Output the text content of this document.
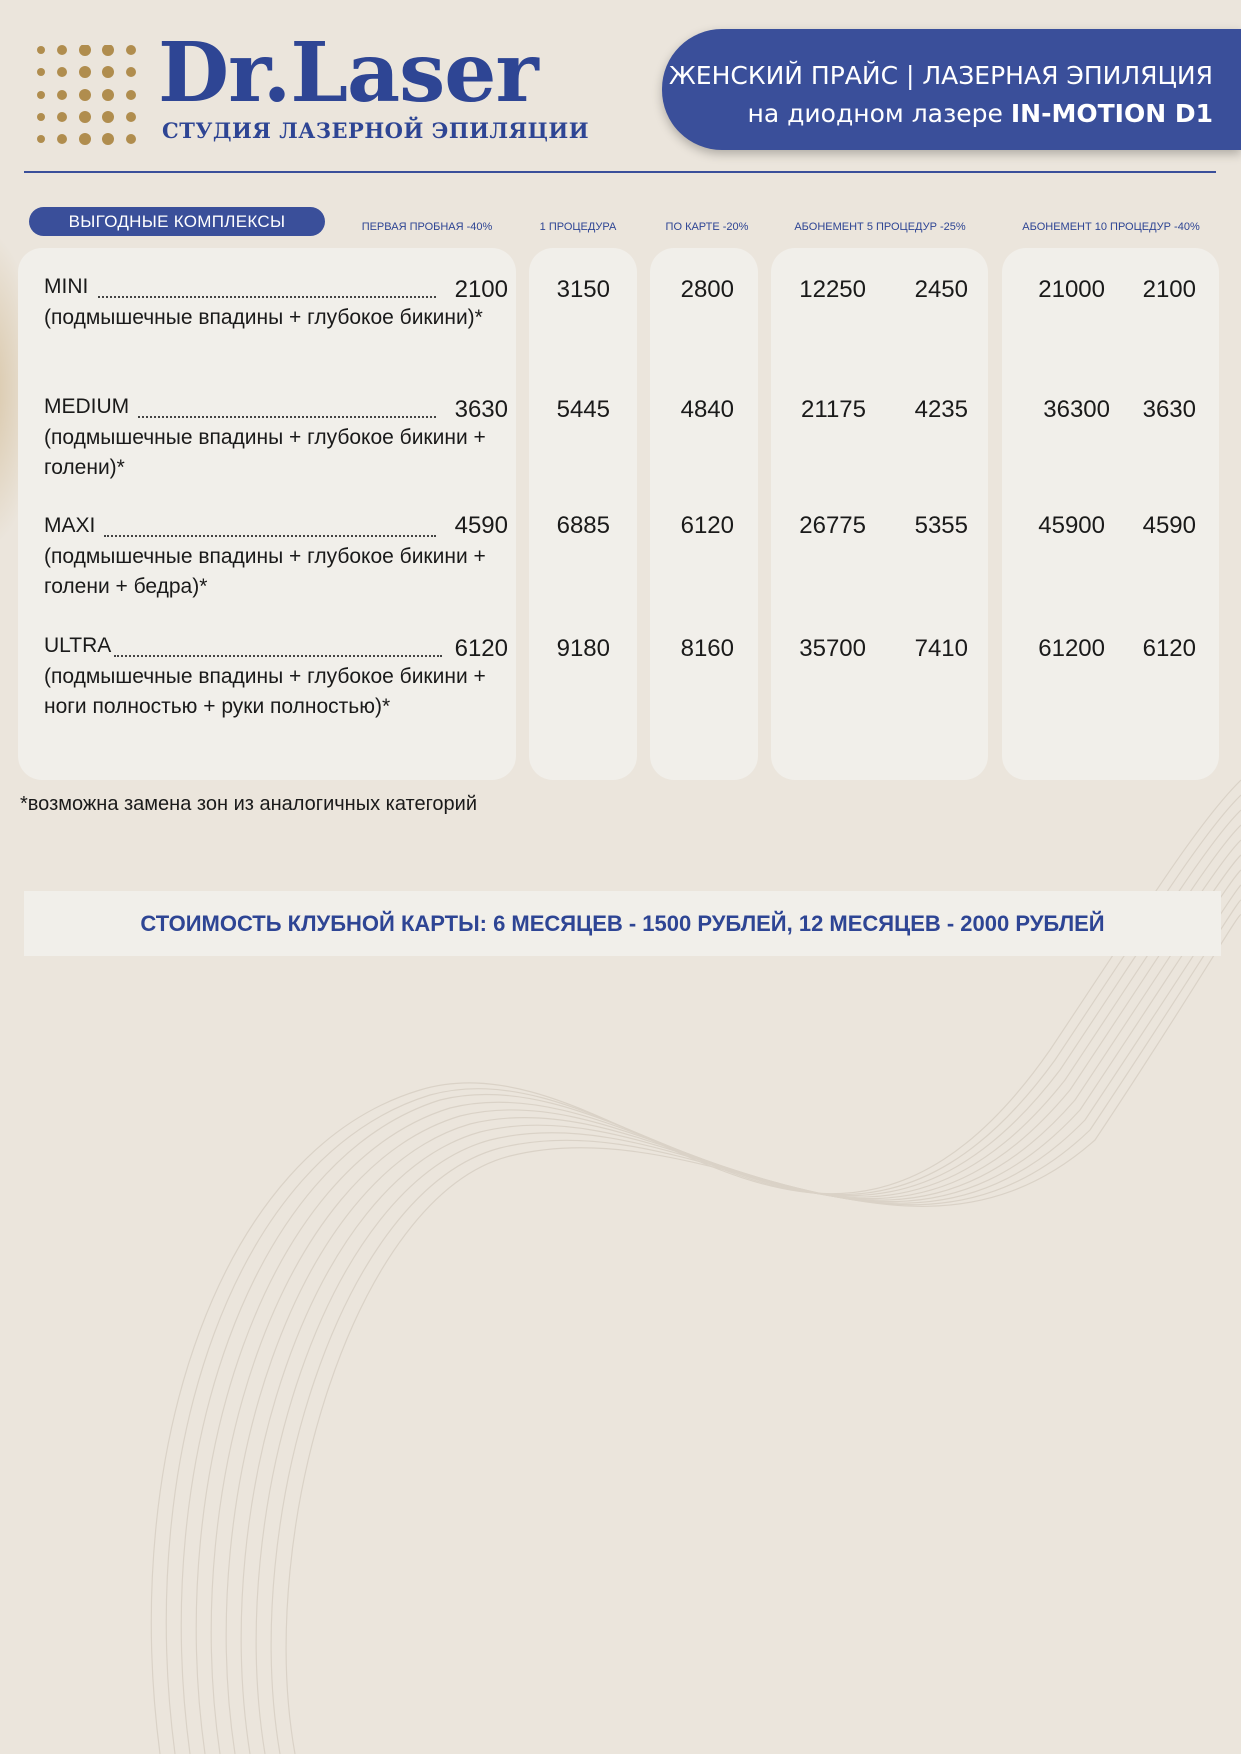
Dr.Laser
СТУДИЯ ЛАЗЕРНОЙ ЭПИЛЯЦИИ
ЖЕНСКИЙ ПРАЙС | ЛАЗЕРНАЯ ЭПИЛЯЦИЯ
на диодном лазере IN-MOTION D1
ВЫГОДНЫЕ КОМПЛЕКСЫ	ПЕРВАЯ ПРОБНАЯ -40%	1 ПРОЦЕДУРА	ПО КАРТЕ -20%	АБОНЕМЕНТ 5 ПРОЦЕДУР -25%	АБОНЕМЕНТ 10 ПРОЦЕДУР -40%
MINI
(подмышечные впадины + глубокое бикини)*
2100	3150	2800	12250	2450	21000	2100
MEDIUM
(подмышечные впадины + глубокое бикини + голени)*
3630	5445	4840	21175	4235	36300	3630
MAXI
(подмышечные впадины + глубокое бикини + голени + бедра)*
4590	6885	6120	26775	5355	45900	4590
ULTRA
(подмышечные впадины + глубокое бикини + ноги полностью + руки полностью)*
6120	9180	8160	35700	7410	61200	6120
*возможна замена зон из аналогичных категорий
СТОИМОСТЬ КЛУБНОЙ КАРТЫ: 6 МЕСЯЦЕВ - 1500 РУБЛЕЙ, 12 МЕСЯЦЕВ - 2000 РУБЛЕЙ
